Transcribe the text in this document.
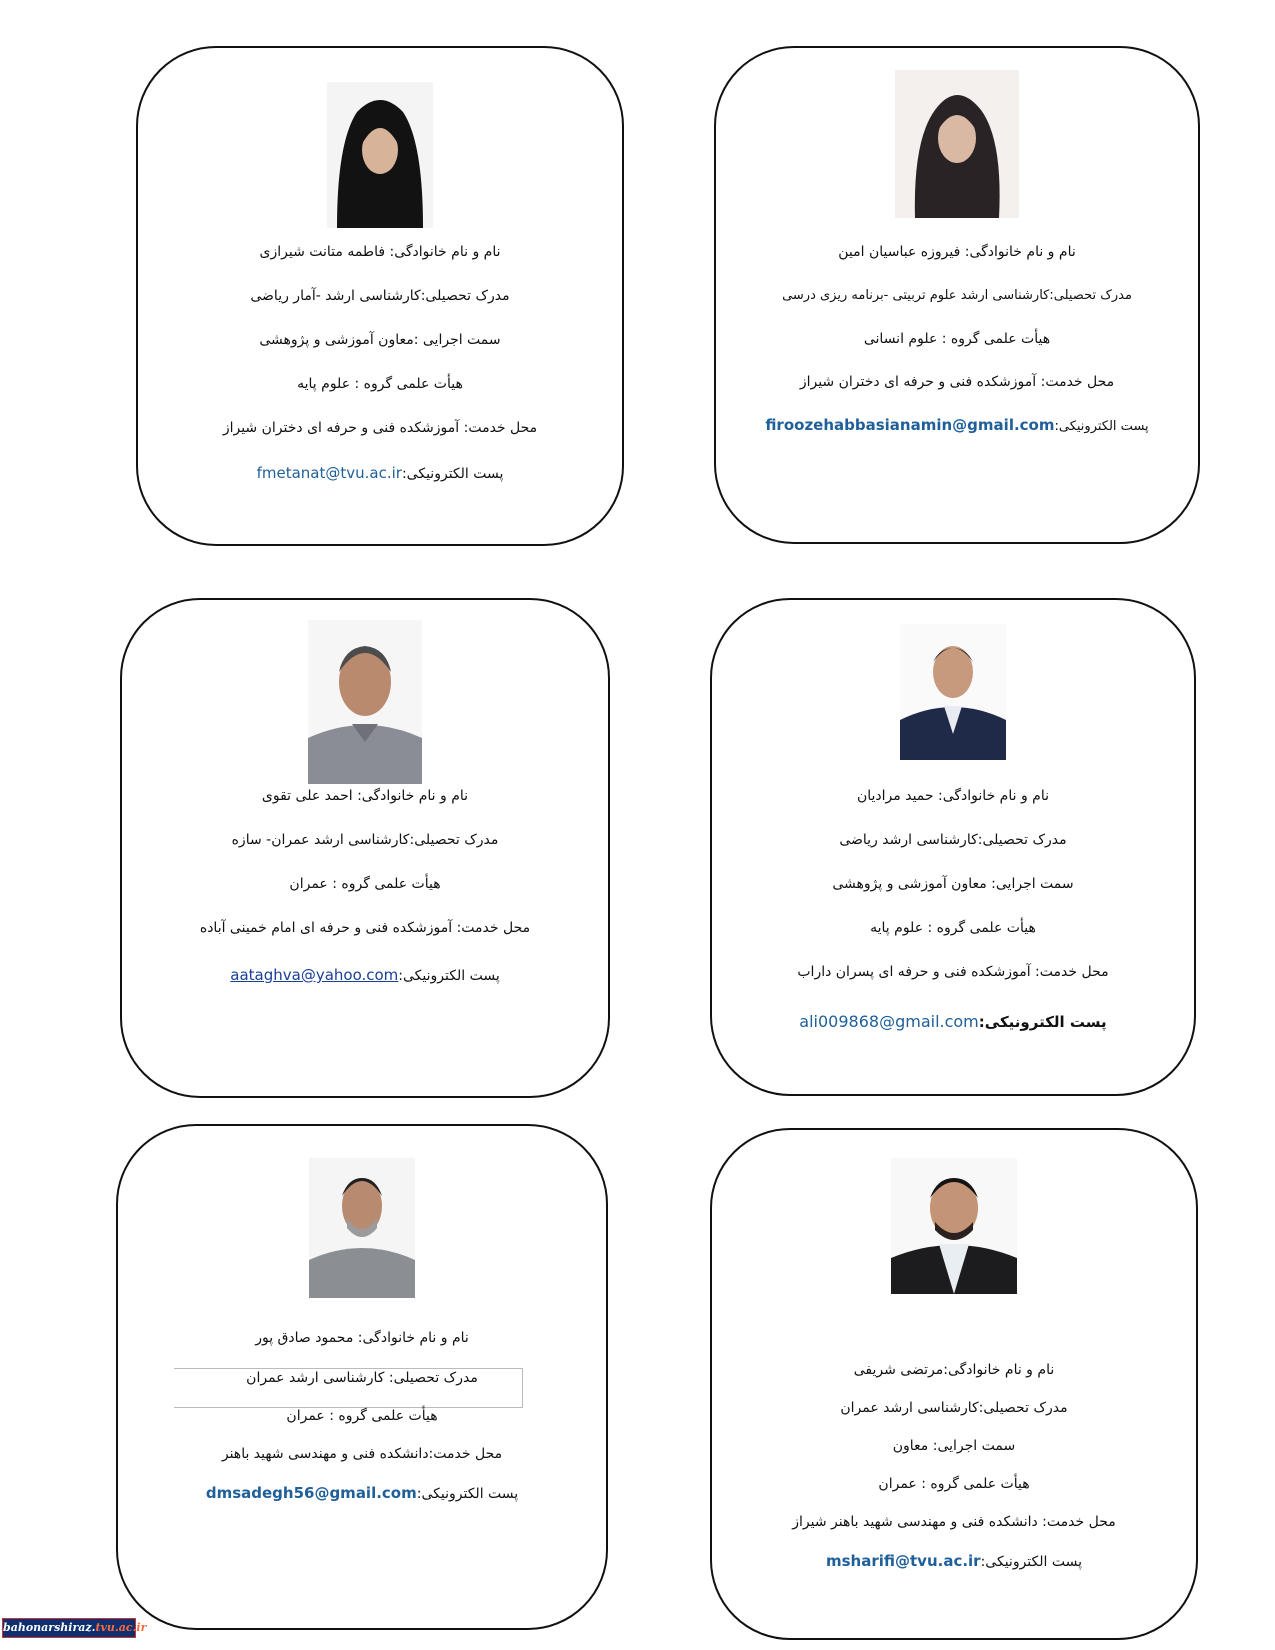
نام و نام خانوادگی: فیروزه عباسیان امین
مدرک تحصیلی:کارشناسی ارشد علوم تربیتی -برنامه ریزی درسی
هیأت علمی گروه : علوم انسانی
محل خدمت: آموزشکده فنی و حرفه ای دختران شیراز
پست الکترونیکی:firoozehabbasianamin@gmail.com
نام و نام خانوادگی: فاطمه متانت شیرازی
مدرک تحصیلی:کارشناسی ارشد -آمار ریاضی
سمت اجرایی :معاون آموزشی و پژوهشی
هیأت علمی گروه : علوم پایه
محل خدمت: آموزشکده فنی و حرفه ای دختران شیراز
پست الکترونیکی:fmetanat@tvu.ac.ir
نام و نام خانوادگی: حمید مرادیان
مدرک تحصیلی:کارشناسی ارشد ریاضی
سمت اجرایی: معاون آموزشی و پژوهشی
هیأت علمی گروه : علوم پایه
محل خدمت: آموزشکده فنی و حرفه ای پسران داراب
پست الکترونیکی:ali009868@gmail.com
نام و نام خانوادگی: احمد علی تقوی
مدرک تحصیلی:کارشناسی ارشد عمران- سازه
هیأت علمی گروه : عمران
محل خدمت: آموزشکده فنی و حرفه ای امام خمینی آباده
پست الکترونیکی:aataghva@yahoo.com
نام و نام خانوادگی:مرتضی شریفی
مدرک تحصیلی:کارشناسی ارشد عمران
سمت اجرایی: معاون
هیأت علمی گروه : عمران
محل خدمت: دانشکده فنی و مهندسی شهید باهنر شیراز
پست الکترونیکی:msharifi@tvu.ac.ir
نام و نام خانوادگی: محمود صادق پور
مدرک تحصیلی: کارشناسی ارشد عمران
هیأت علمی گروه : عمران
محل خدمت:دانشکده فنی و مهندسی شهید باهنر
پست الکترونیکی:dmsadegh56@gmail.com
bahonarshiraz.tvu.ac.ir
